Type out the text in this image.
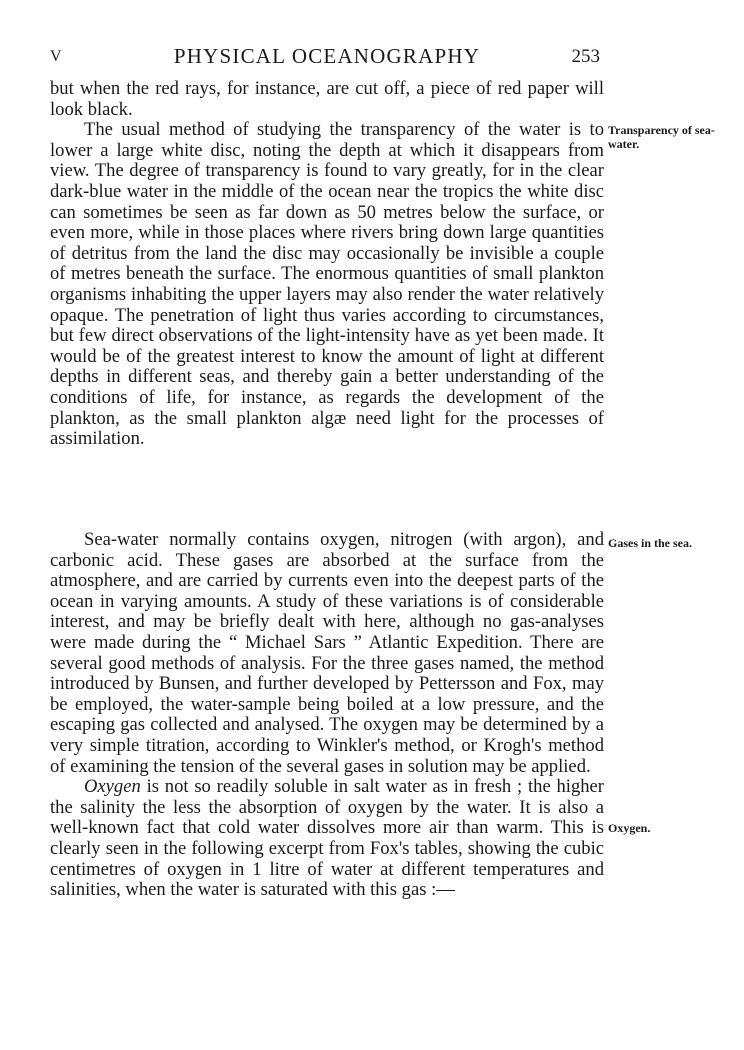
V	PHYSICAL OCEANOGRAPHY	253

but when the red rays, for instance, are cut off, a piece of red paper will look black.

The usual method of studying the transparency of the water is to lower a large white disc, noting the depth at which it disappears from view. The degree of transparency is found to vary greatly, for in the clear dark-blue water in the middle of the ocean near the tropics the white disc can sometimes be seen as far down as 50 metres below the surface, or even more, while in those places where rivers bring down large quantities of detritus from the land the disc may occasionally be invisible a couple of metres beneath the surface. The enormous quantities of small plankton organisms inhabiting the upper layers may also render the water relatively opaque. The penetration of light thus varies according to circumstances, but few direct observations of the light-intensity have as yet been made. It would be of the greatest interest to know the amount of light at different depths in different seas, and thereby gain a better understanding of the conditions of life, for instance, as regards the development of the plankton, as the small plankton algæ need light for the processes of assimilation.

Sea-water normally contains oxygen, nitrogen (with argon), and carbonic acid. These gases are absorbed at the surface from the atmosphere, and are carried by currents even into the deepest parts of the ocean in varying amounts. A study of these variations is of considerable interest, and may be briefly dealt with here, although no gas-analyses were made during the “ Michael Sars ” Atlantic Expedition. There are several good methods of analysis. For the three gases named, the method introduced by Bunsen, and further developed by Pettersson and Fox, may be employed, the water-sample being boiled at a low pressure, and the escaping gas collected and analysed. The oxygen may be determined by a very simple titration, according to Winkler's method, or Krogh's method of examining the tension of the several gases in solution may be applied.

Oxygen is not so readily soluble in salt water as in fresh ; the higher the salinity the less the absorption of oxygen by the water. It is also a well-known fact that cold water dissolves more air than warm. This is clearly seen in the following excerpt from Fox's tables, showing the cubic centimetres of oxygen in 1 litre of water at different temperatures and salinities, when the water is saturated with this gas :—

Transparency of sea-water.
Gases in the sea.
Oxygen.
